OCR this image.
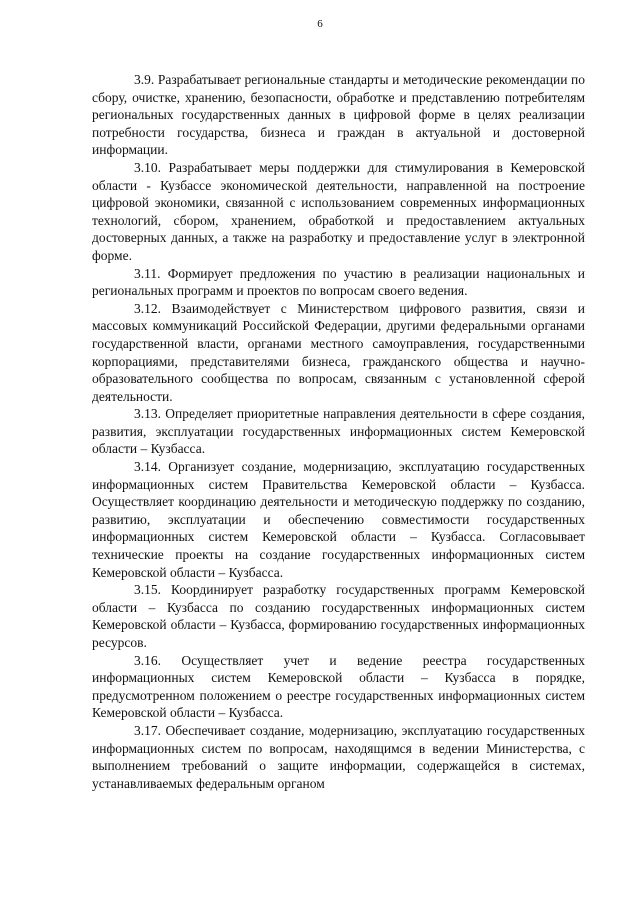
6

3.9. Разрабатывает региональные стандарты и методические рекомендации по сбору, очистке, хранению, безопасности, обработке и представлению потребителям региональных государственных данных в цифровой форме в целях реализации потребности государства, бизнеса и граждан в актуальной и достоверной информации.

3.10. Разрабатывает меры поддержки для стимулирования в Кемеровской области - Кузбассе экономической деятельности, направленной на построение цифровой экономики, связанной с использованием современных информационных технологий, сбором, хранением, обработкой и предоставлением актуальных достоверных данных, а также на разработку и предоставление услуг в электронной форме.

3.11. Формирует предложения по участию в реализации национальных и региональных программ и проектов по вопросам своего ведения.

3.12. Взаимодействует с Министерством цифрового развития, связи и массовых коммуникаций Российской Федерации, другими федеральными органами государственной власти, органами местного самоуправления, государственными корпорациями, представителями бизнеса, гражданского общества и научно-образовательного сообщества по вопросам, связанным с установленной сферой деятельности.

3.13. Определяет приоритетные направления деятельности в сфере создания, развития, эксплуатации государственных информационных систем Кемеровской области – Кузбасса.

3.14. Организует создание, модернизацию, эксплуатацию государственных информационных систем Правительства Кемеровской области – Кузбасса. Осуществляет координацию деятельности и методическую поддержку по созданию, развитию, эксплуатации и обеспечению совместимости государственных информационных систем Кемеровской области – Кузбасса. Согласовывает технические проекты на создание государственных информационных систем Кемеровской области – Кузбасса.

3.15. Координирует разработку государственных программ Кемеровской области – Кузбасса по созданию государственных информационных систем Кемеровской области – Кузбасса, формированию государственных информационных ресурсов.

3.16. Осуществляет учет и ведение реестра государственных информационных систем Кемеровской области – Кузбасса в порядке, предусмотренном положением о реестре государственных информационных систем Кемеровской области – Кузбасса.

3.17. Обеспечивает создание, модернизацию, эксплуатацию государственных информационных систем по вопросам, находящимся в ведении Министерства, с выполнением требований о защите информации, содержащейся в системах, устанавливаемых федеральным органом
